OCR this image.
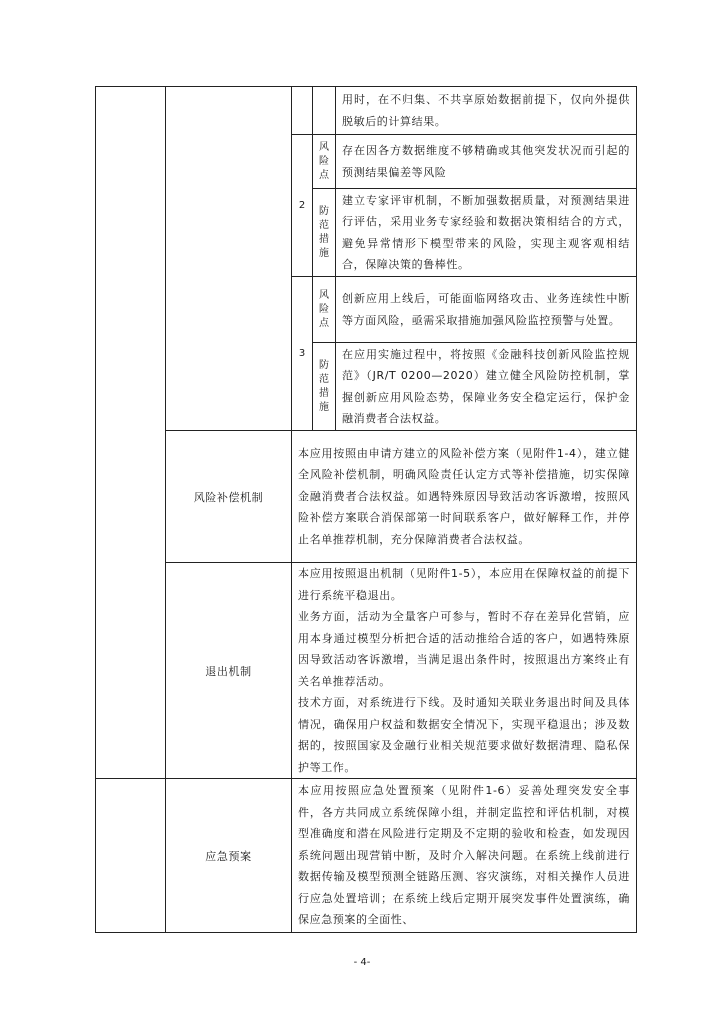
				用时，在不归集、不共享原始数据前提下，仅向外提供脱敏后的计算结果。
		2	风险点	存在因各方数据维度不够精确或其他突发状况而引起的预测结果偏差等风险
			防范措施	建立专家评审机制，不断加强数据质量，对预测结果进行评估，采用业务专家经验和数据决策相结合的方式，避免异常情形下模型带来的风险，实现主观客观相结合，保障决策的鲁棒性。
		3	风险点	创新应用上线后，可能面临网络攻击、业务连续性中断等方面风险，亟需采取措施加强风险监控预警与处置。
			防范措施	在应用实施过程中，将按照《金融科技创新风险监控规范》（JR/T 0200—2020）建立健全风险防控机制，掌握创新应用风险态势，保障业务安全稳定运行，保护金融消费者合法权益。
	风险补偿机制	本应用按照由申请方建立的风险补偿方案（见附件1-4），建立健全风险补偿机制，明确风险责任认定方式等补偿措施，切实保障金融消费者合法权益。如遇特殊原因导致活动客诉激增，按照风险补偿方案联合消保部第一时间联系客户，做好解释工作，并停止名单推荐机制，充分保障消费者合法权益。		
	退出机制	本应用按照退出机制（见附件1-5），本应用在保障权益的前提下进行系统平稳退出。
业务方面，活动为全量客户可参与，暂时不存在差异化营销，应用本身通过模型分析把合适的活动推给合适的客户，如遇特殊原因导致活动客诉激增，当满足退出条件时，按照退出方案终止有关名单推荐活动。
技术方面，对系统进行下线。及时通知关联业务退出时间及具体情况，确保用户权益和数据安全情况下，实现平稳退出；涉及数据的，按照国家及金融行业相关规范要求做好数据清理、隐私保护等工作。		

	应急预案	本应用按照应急处置预案（见附件1-6）妥善处理突发安全事件，各方共同成立系统保障小组，并制定监控和评估机制，对模型准确度和潜在风险进行定期及不定期的验收和检查，如发现因系统问题出现营销中断，及时介入解决问题。在系统上线前进行数据传输及模型预测全链路压测、容灾演练，对相关操作人员进行应急处置培训；在系统上线后定期开展突发事件处置演练，确保应急预案的全面性、		
- 4-
